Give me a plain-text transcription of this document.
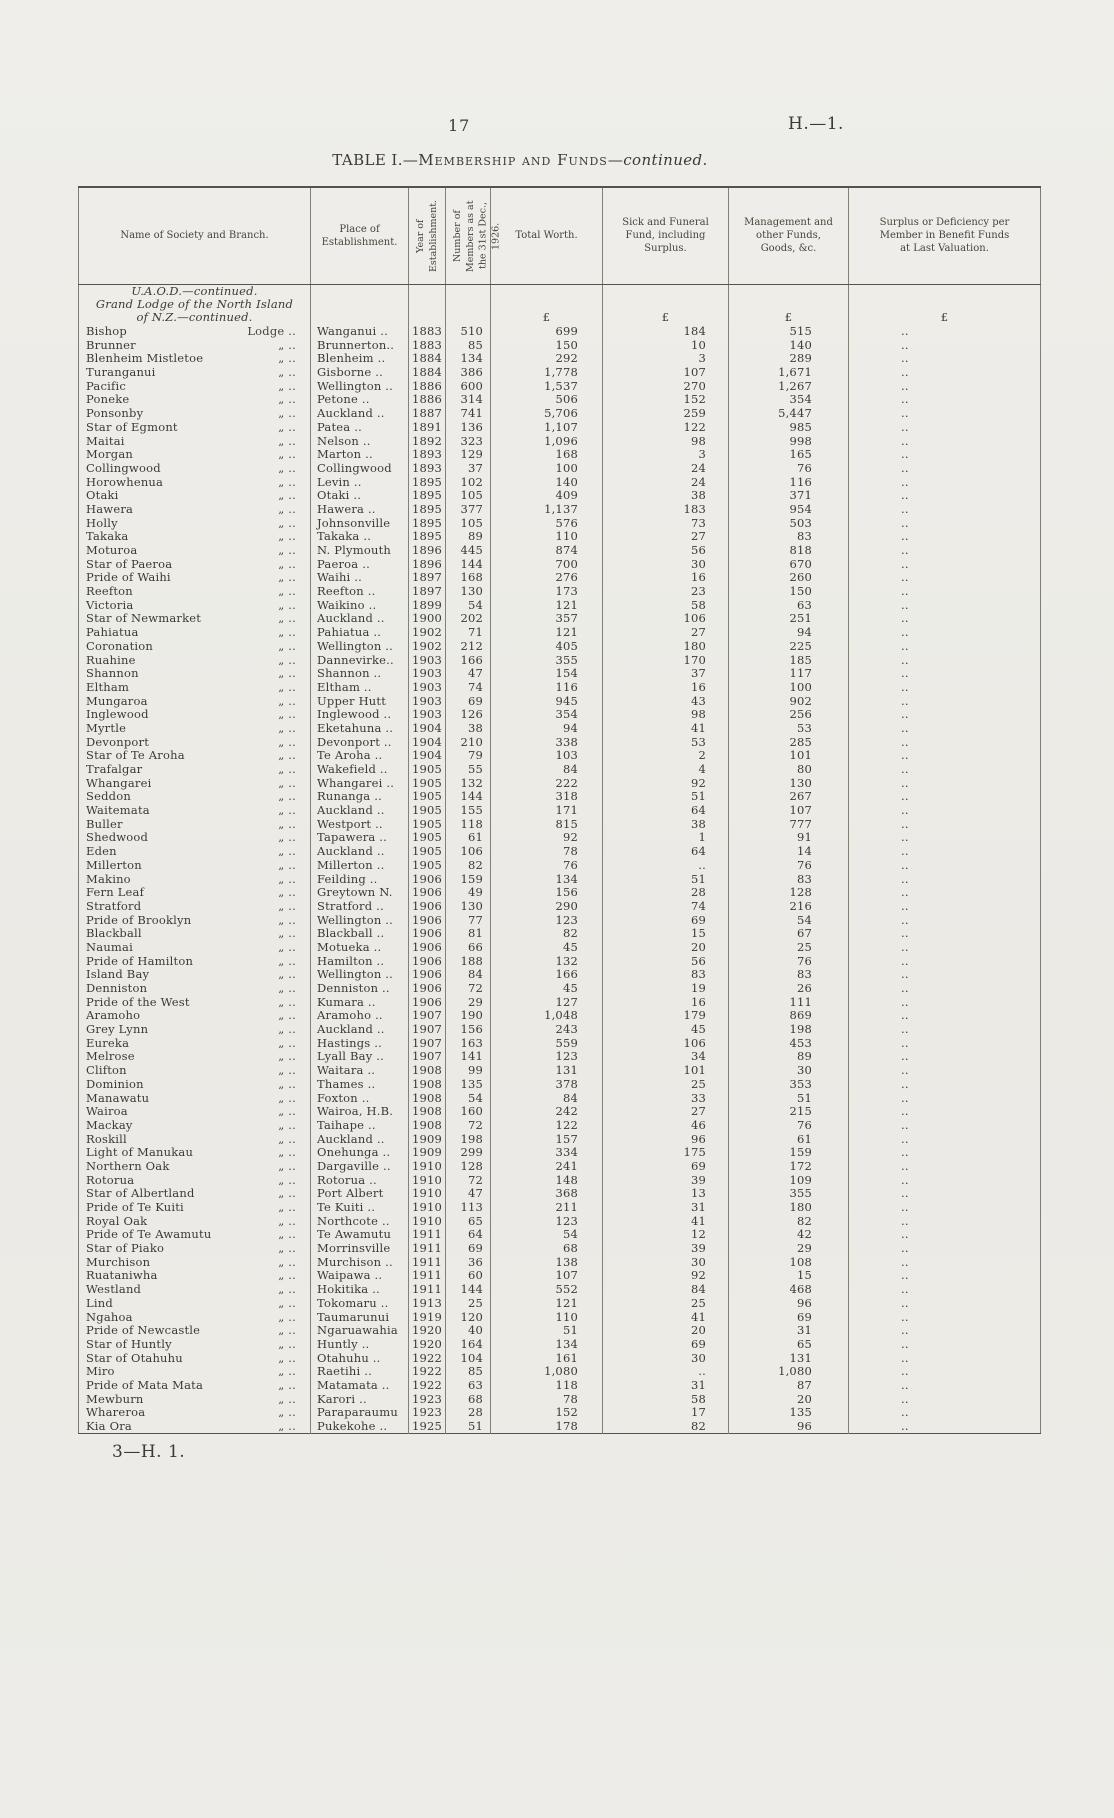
17	H.—1.
TABLE I.—Membership and Funds—continued.
Name of Society and Branch.	Place of Establishment.	Year of Establishment.	Number of Members as at the 31st Dec., 1926.	Total Worth.	Sick and Funeral Fund, including Surplus.	Management and other Funds, Goods, &c.	Surplus or Deficiency per Member in Benefit Funds at Last Valuation.
U.A.O.D.—continued.							
Grand Lodge of the North Island							
of N.Z.—continued.				£	£	£	£

Bishop Lodge ..	Wanganui ..	1883	510	699	184	515	..

Brunner „ ..	Brunnerton..	1883	85	150	10	140	..

Blenheim Mistletoe „ ..	Blenheim ..	1884	134	292	3	289	..

Turanganui „ ..	Gisborne ..	1884	386	1,778	107	1,671	..

Pacific „ ..	Wellington ..	1886	600	1,537	270	1,267	..

Poneke „ ..	Petone ..	1886	314	506	152	354	..

Ponsonby „ ..	Auckland ..	1887	741	5,706	259	5,447	..

Star of Egmont „ ..	Patea ..	1891	136	1,107	122	985	..

Maitai „ ..	Nelson ..	1892	323	1,096	98	998	..

Morgan „ ..	Marton ..	1893	129	168	3	165	..

Collingwood „ ..	Collingwood	1893	37	100	24	76	..

Horowhenua „ ..	Levin ..	1895	102	140	24	116	..

Otaki „ ..	Otaki ..	1895	105	409	38	371	..

Hawera „ ..	Hawera ..	1895	377	1,137	183	954	..

Holly „ ..	Johnsonville	1895	105	576	73	503	..

Takaka „ ..	Takaka ..	1895	89	110	27	83	..

Moturoa „ ..	N. Plymouth	1896	445	874	56	818	..

Star of Paeroa „ ..	Paeroa ..	1896	144	700	30	670	..

Pride of Waihi „ ..	Waihi ..	1897	168	276	16	260	..

Reefton „ ..	Reefton ..	1897	130	173	23	150	..

Victoria „ ..	Waikino ..	1899	54	121	58	63	..

Star of Newmarket „ ..	Auckland ..	1900	202	357	106	251	..

Pahiatua „ ..	Pahiatua ..	1902	71	121	27	94	..

Coronation „ ..	Wellington ..	1902	212	405	180	225	..

Ruahine „ ..	Dannevirke..	1903	166	355	170	185	..

Shannon „ ..	Shannon ..	1903	47	154	37	117	..

Eltham „ ..	Eltham ..	1903	74	116	16	100	..

Mungaroa „ ..	Upper Hutt	1903	69	945	43	902	..

Inglewood „ ..	Inglewood ..	1903	126	354	98	256	..

Myrtle „ ..	Eketahuna ..	1904	38	94	41	53	..

Devonport „ ..	Devonport ..	1904	210	338	53	285	..

Star of Te Aroha „ ..	Te Aroha ..	1904	79	103	2	101	..

Trafalgar „ ..	Wakefield ..	1905	55	84	4	80	..

Whangarei „ ..	Whangarei ..	1905	132	222	92	130	..

Seddon „ ..	Runanga ..	1905	144	318	51	267	..

Waitemata „ ..	Auckland ..	1905	155	171	64	107	..

Buller „ ..	Westport ..	1905	118	815	38	777	..

Shedwood „ ..	Tapawera ..	1905	61	92	1	91	..

Eden „ ..	Auckland ..	1905	106	78	64	14	..

Millerton „ ..	Millerton ..	1905	82	76	..	76	..

Makino „ ..	Feilding ..	1906	159	134	51	83	..

Fern Leaf „ ..	Greytown N.	1906	49	156	28	128	..

Stratford „ ..	Stratford ..	1906	130	290	74	216	..

Pride of Brooklyn „ ..	Wellington ..	1906	77	123	69	54	..

Blackball „ ..	Blackball ..	1906	81	82	15	67	..

Naumai „ ..	Motueka ..	1906	66	45	20	25	..

Pride of Hamilton „ ..	Hamilton ..	1906	188	132	56	76	..

Island Bay „ ..	Wellington ..	1906	84	166	83	83	..

Denniston „ ..	Denniston ..	1906	72	45	19	26	..

Pride of the West „ ..	Kumara ..	1906	29	127	16	111	..

Aramoho „ ..	Aramoho ..	1907	190	1,048	179	869	..

Grey Lynn „ ..	Auckland ..	1907	156	243	45	198	..

Eureka „ ..	Hastings ..	1907	163	559	106	453	..

Melrose „ ..	Lyall Bay ..	1907	141	123	34	89	..

Clifton „ ..	Waitara ..	1908	99	131	101	30	..

Dominion „ ..	Thames ..	1908	135	378	25	353	..

Manawatu „ ..	Foxton ..	1908	54	84	33	51	..

Wairoa „ ..	Wairoa, H.B.	1908	160	242	27	215	..

Mackay „ ..	Taihape ..	1908	72	122	46	76	..

Roskill „ ..	Auckland ..	1909	198	157	96	61	..

Light of Manukau „ ..	Onehunga ..	1909	299	334	175	159	..

Northern Oak „ ..	Dargaville ..	1910	128	241	69	172	..

Rotorua „ ..	Rotorua ..	1910	72	148	39	109	..

Star of Albertland „ ..	Port Albert	1910	47	368	13	355	..

Pride of Te Kuiti „ ..	Te Kuiti ..	1910	113	211	31	180	..

Royal Oak „ ..	Northcote ..	1910	65	123	41	82	..

Pride of Te Awamutu „ ..	Te Awamutu	1911	64	54	12	42	..

Star of Piako „ ..	Morrinsville	1911	69	68	39	29	..

Murchison „ ..	Murchison ..	1911	36	138	30	108	..

Ruataniwha „ ..	Waipawa ..	1911	60	107	92	15	..

Westland „ ..	Hokitika ..	1911	144	552	84	468	..

Lind „ ..	Tokomaru ..	1913	25	121	25	96	..

Ngahoa „ ..	Taumarunui	1919	120	110	41	69	..

Pride of Newcastle „ ..	Ngaruawahia	1920	40	51	20	31	..

Star of Huntly „ ..	Huntly ..	1920	164	134	69	65	..

Star of Otahuhu „ ..	Otahuhu ..	1922	104	161	30	131	..

Miro „ ..	Raetihi ..	1922	85	1,080	..	1,080	..

Pride of Mata Mata „ ..	Matamata ..	1922	63	118	31	87	..

Mewburn „ ..	Karori ..	1923	68	78	58	20	..

Whareroa „ ..	Paraparaumu	1923	28	152	17	135	..

Kia Ora „ ..	Pukekohe ..	1925	51	178	82	96	..
3—H. 1.
